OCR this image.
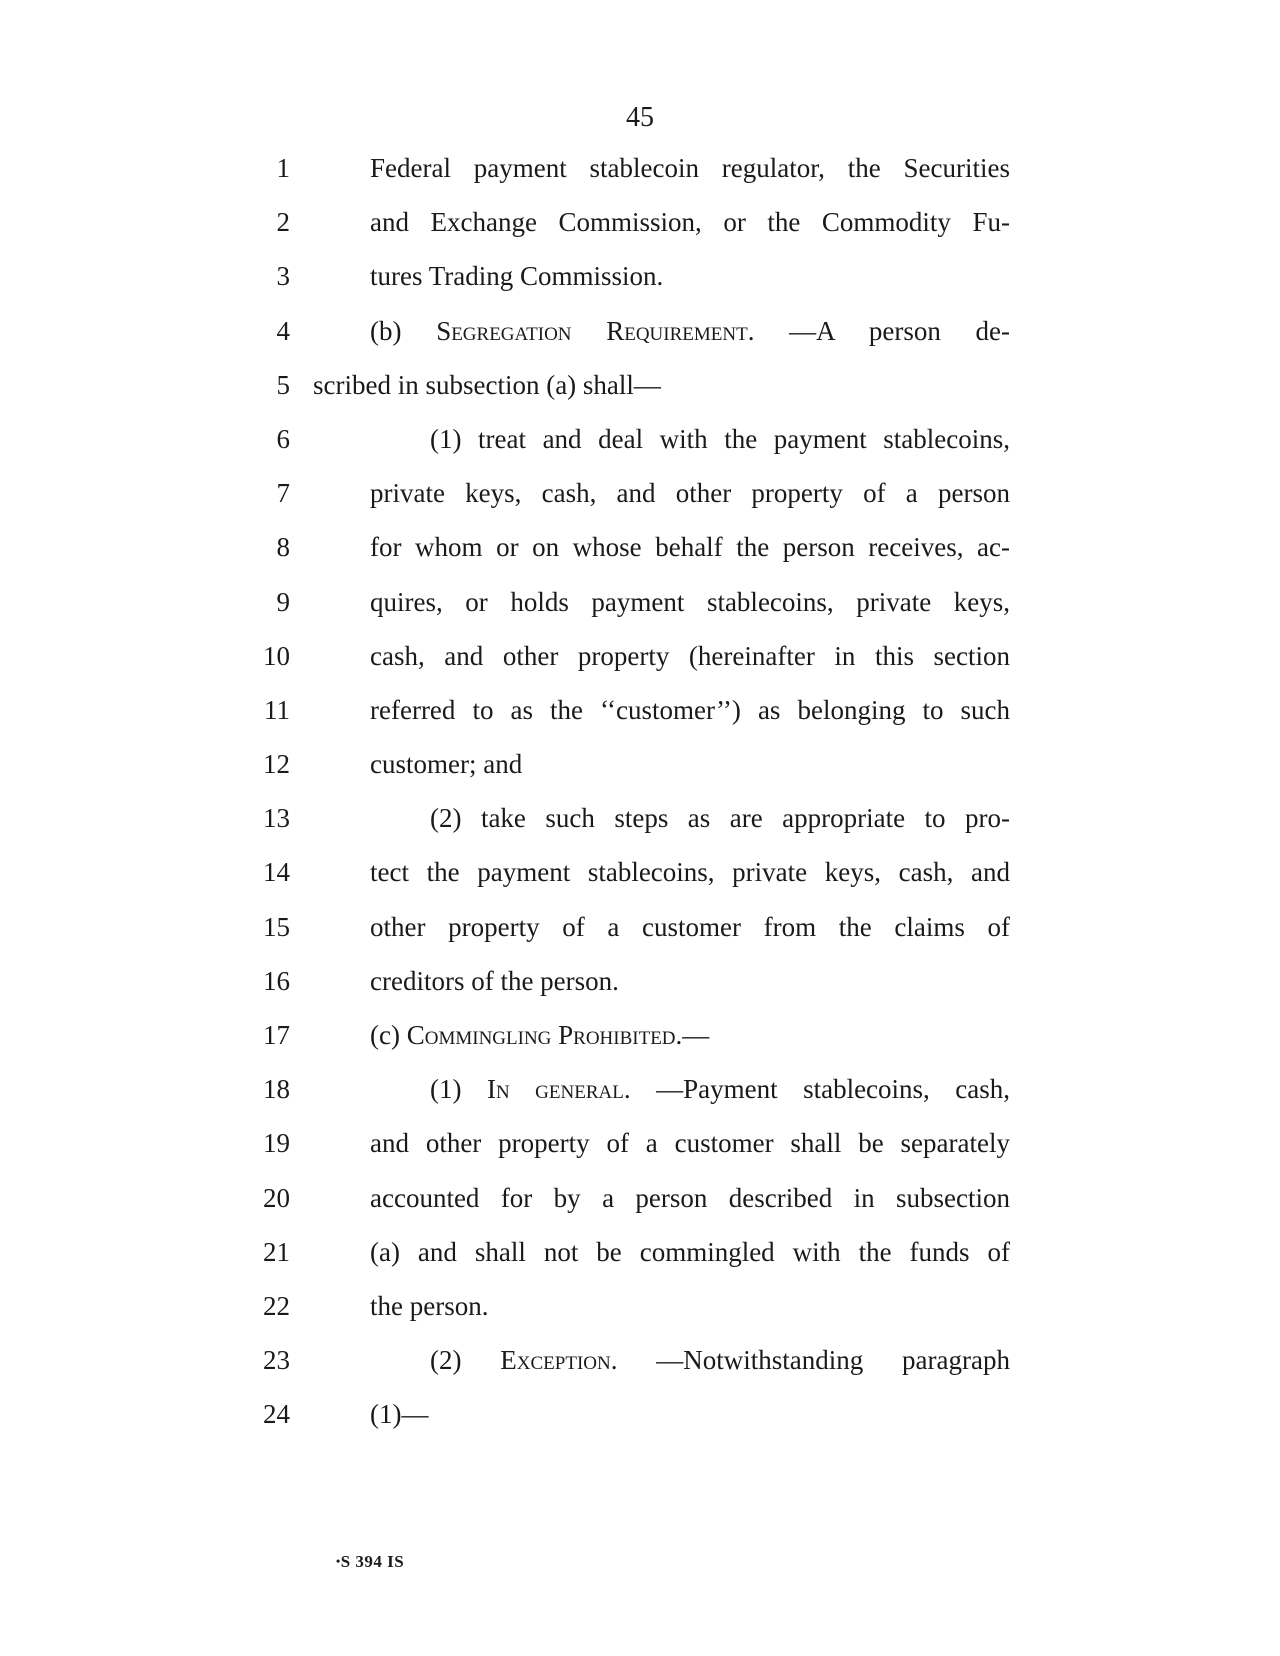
45
1	Federal payment stablecoin regulator, the Securities
2	and Exchange Commission, or the Commodity Fu-
3	tures Trading Commission.
4	(b) Segregation Requirement. —A person de-
5 scribed in subsection (a) shall—
6	(1) treat and deal with the payment stablecoins,
7	private keys, cash, and other property of a person
8	for whom or on whose behalf the person receives, ac-
9	quires, or holds payment stablecoins, private keys,
10	cash, and other property (hereinafter in this section
11	referred to as the ‘‘customer’’) as belonging to such
12	customer; and
13	(2) take such steps as are appropriate to pro-
14	tect the payment stablecoins, private keys, cash, and
15	other property of a customer from the claims of
16	creditors of the person.
17	(c) Commingling Prohibited.—
18	(1) In general. —Payment stablecoins, cash,
19	and other property of a customer shall be separately
20	accounted for by a person described in subsection
21	(a) and shall not be commingled with the funds of
22	the person.
23	(2) Exception. —Notwithstanding paragraph
24	(1)—
•S 394 IS
